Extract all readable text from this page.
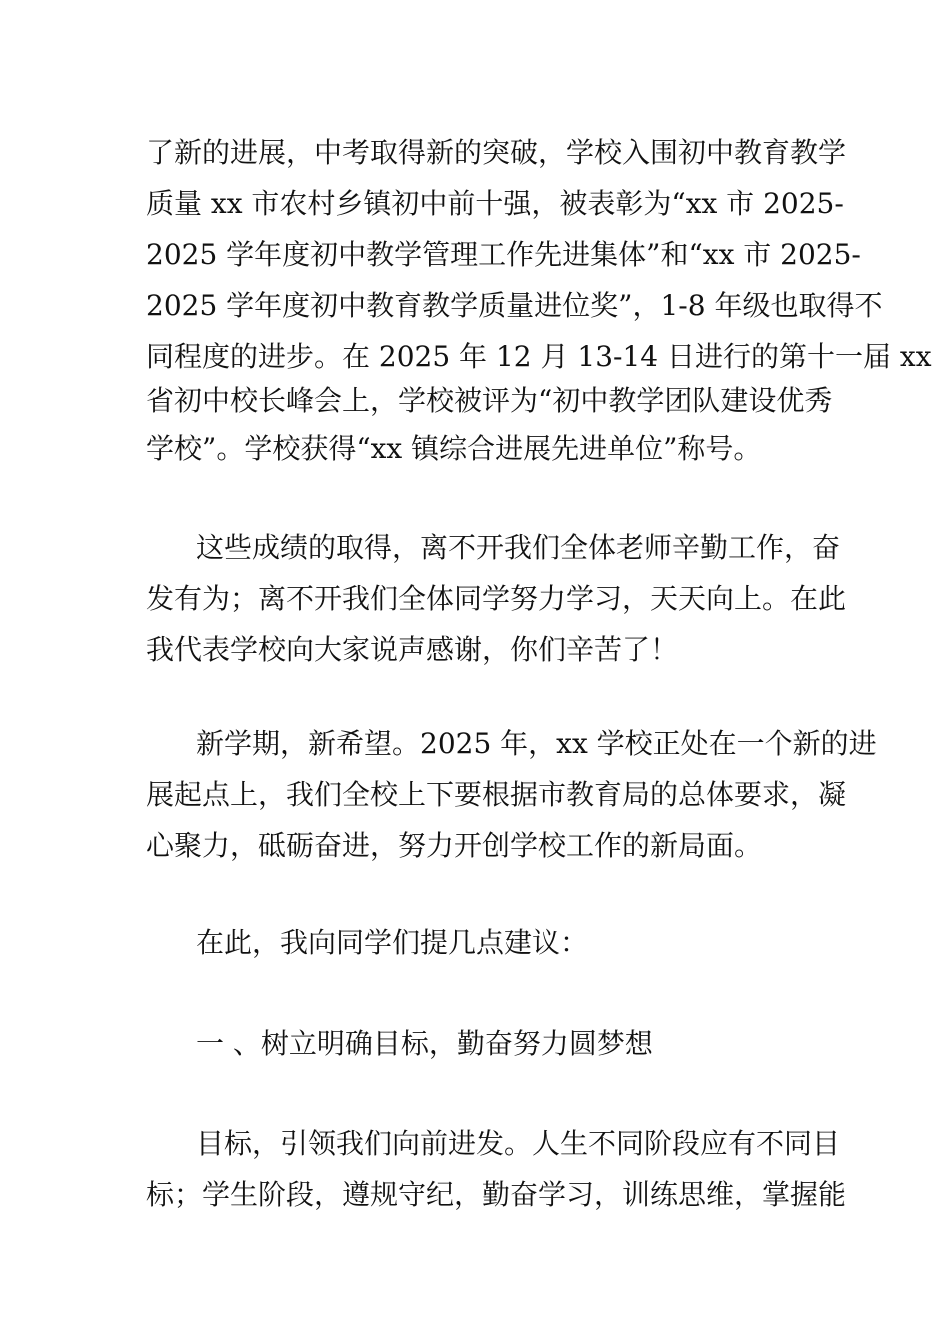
了新的进展，中考取得新的突破，学校入围初中教育教学
质量 xx 市农村乡镇初中前十强，被表彰为“xx 市 2025-
2025 学年度初中教学管理工作先进集体”和“xx 市 2025-
2025 学年度初中教育教学质量进位奖”，1-8 年级也取得不
同程度的进步。在 2025 年 12 月 13-14 日进行的第十一届 xx
省初中校长峰会上，学校被评为“初中教学团队建设优秀
学校”。学校获得“xx 镇综合进展先进单位”称号。
这些成绩的取得，离不开我们全体老师辛勤工作，奋
发有为；离不开我们全体同学努力学习，天天向上。在此
我代表学校向大家说声感谢，你们辛苦了！
新学期，新希望。2025 年，xx 学校正处在一个新的进
展起点上，我们全校上下要根据市教育局的总体要求，凝
心聚力，砥砺奋进，努力开创学校工作的新局面。
在此，我向同学们提几点建议：
一 、树立明确目标，勤奋努力圆梦想
目标，引领我们向前进发。人生不同阶段应有不同目
标；学生阶段，遵规守纪，勤奋学习，训练思维，掌握能
